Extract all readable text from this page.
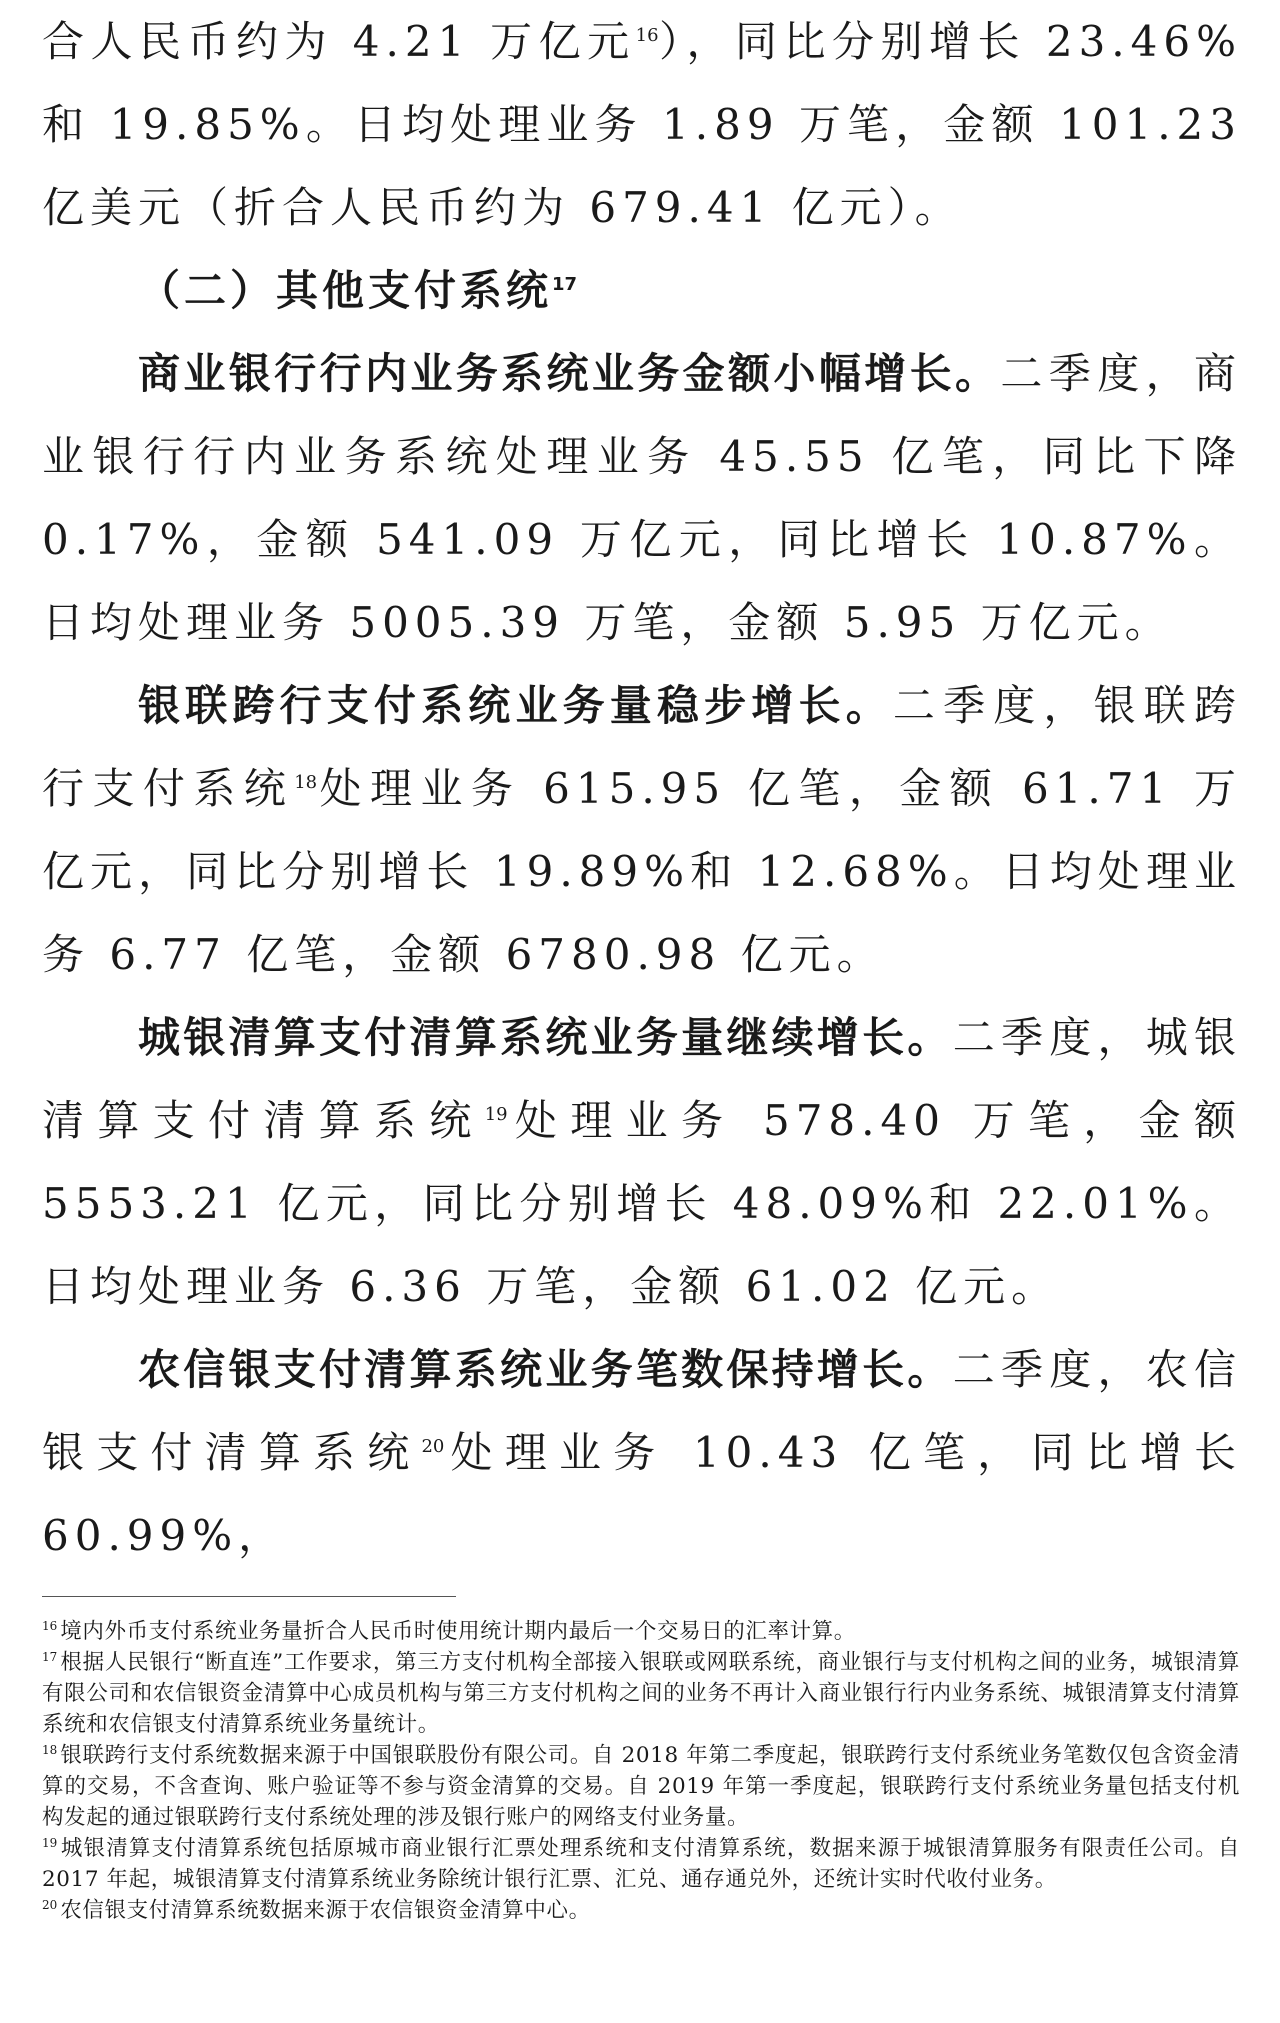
合人民币约为 4.21 万亿元$^{16}$），同比分别增长 23.46%和 19.85%。日均处理业务 1.89 万笔，金额 101.23 亿美元（折合人民币约为 679.41 亿元）。

（二）其他支付系统$^{17}$

商业银行行内业务系统业务金额小幅增长。二季度，商业银行行内业务系统处理业务 45.55 亿笔，同比下降 0.17%，金额 541.09 万亿元，同比增长 10.87%。日均处理业务 5005.39 万笔，金额 5.95 万亿元。

银联跨行支付系统业务量稳步增长。二季度，银联跨行支付系统$^{18}$处理业务 615.95 亿笔，金额 61.71 万亿元，同比分别增长 19.89%和 12.68%。日均处理业务 6.77 亿笔，金额 6780.98 亿元。

城银清算支付清算系统业务量继续增长。二季度，城银清算支付清算系统$^{19}$处理业务 578.40 万笔，金额 5553.21 亿元，同比分别增长 48.09%和 22.01%。日均处理业务 6.36 万笔，金额 61.02 亿元。

农信银支付清算系统业务笔数保持增长。二季度，农信银支付清算系统$^{20}$处理业务 10.43 亿笔，同比增长 60.99%，

$^{16}$ 境内外币支付系统业务量折合人民币时使用统计期内最后一个交易日的汇率计算。

$^{17}$ 根据人民银行“断直连”工作要求，第三方支付机构全部接入银联或网联系统，商业银行与支付机构之间的业务，城银清算有限公司和农信银资金清算中心成员机构与第三方支付机构之间的业务不再计入商业银行行内业务系统、城银清算支付清算系统和农信银支付清算系统业务量统计。

$^{18}$ 银联跨行支付系统数据来源于中国银联股份有限公司。自 2018 年第二季度起，银联跨行支付系统业务笔数仅包含资金清算的交易，不含查询、账户验证等不参与资金清算的交易。自 2019 年第一季度起，银联跨行支付系统业务量包括支付机构发起的通过银联跨行支付系统处理的涉及银行账户的网络支付业务量。

$^{19}$ 城银清算支付清算系统包括原城市商业银行汇票处理系统和支付清算系统，数据来源于城银清算服务有限责任公司。自 2017 年起，城银清算支付清算系统业务除统计银行汇票、汇兑、通存通兑外，还统计实时代收付业务。

$^{20}$ 农信银支付清算系统数据来源于农信银资金清算中心。
